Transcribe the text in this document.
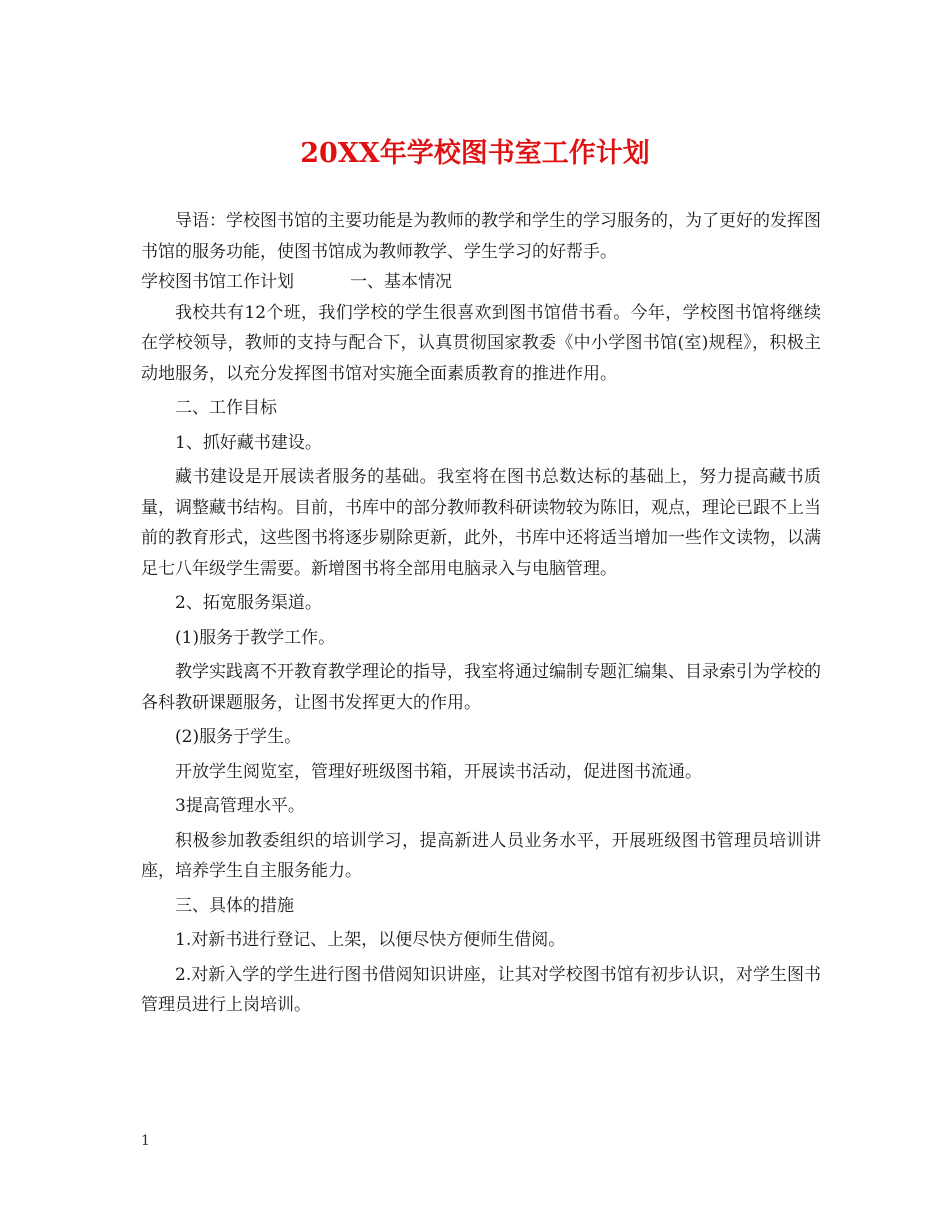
20XX年学校图书室工作计划

导语：学校图书馆的主要功能是为教师的教学和学生的学习服务的，为了更好的发挥图书馆的服务功能，使图书馆成为教师教学、学生学习的好帮手。

学校图书馆工作计划	一、基本情况

我校共有12个班，我们学校的学生很喜欢到图书馆借书看。今年，学校图书馆将继续在学校领导，教师的支持与配合下，认真贯彻国家教委《中小学图书馆(室)规程》，积极主动地服务，以充分发挥图书馆对实施全面素质教育的推进作用。

二、工作目标

1、抓好藏书建设。

藏书建设是开展读者服务的基础。我室将在图书总数达标的基础上，努力提高藏书质量，调整藏书结构。目前，书库中的部分教师教科研读物较为陈旧，观点，理论已跟不上当前的教育形式，这些图书将逐步剔除更新，此外，书库中还将适当增加一些作文读物，以满足七八年级学生需要。新增图书将全部用电脑录入与电脑管理。

2、拓宽服务渠道。

(1)服务于教学工作。

教学实践离不开教育教学理论的指导，我室将通过编制专题汇编集、目录索引为学校的各科教研课题服务，让图书发挥更大的作用。

(2)服务于学生。

开放学生阅览室，管理好班级图书箱，开展读书活动，促进图书流通。

3提高管理水平。

积极参加教委组织的培训学习，提高新进人员业务水平，开展班级图书管理员培训讲座，培养学生自主服务能力。

三、具体的措施

1.对新书进行登记、上架，以便尽快方便师生借阅。

2.对新入学的学生进行图书借阅知识讲座，让其对学校图书馆有初步认识，对学生图书管理员进行上岗培训。

1
